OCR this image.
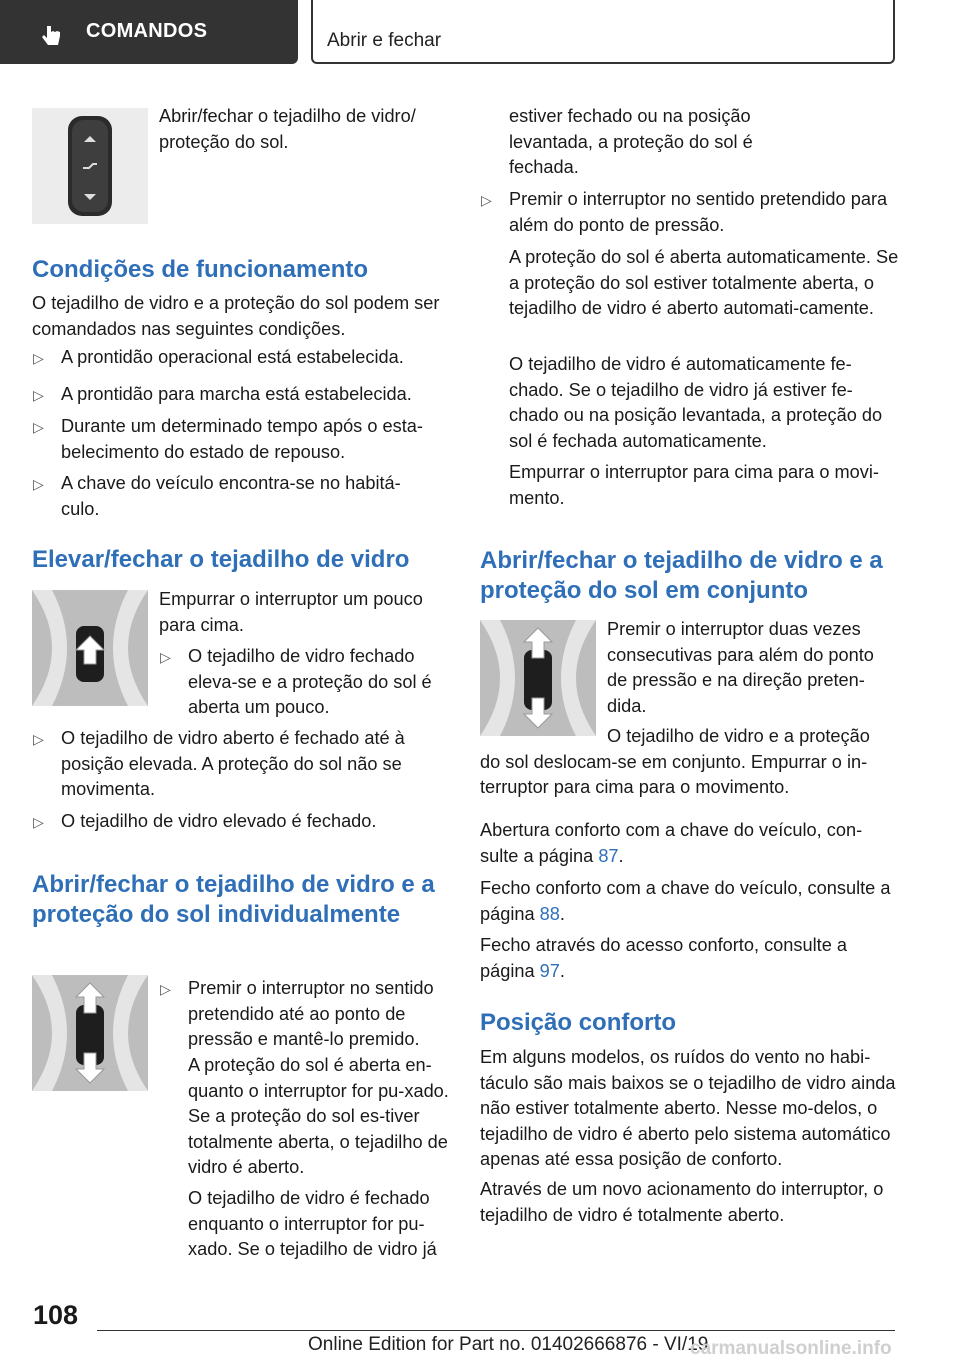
COMANDOS	Abrir e fechar

Abrir/fechar o tejadilho de vidro/ proteção do sol.

Condições de funcionamento

O tejadilho de vidro e a proteção do sol podem ser comandados nas seguintes condições.

▷ A prontidão operacional está estabelecida.

▷ A prontidão para marcha está estabelecida.

▷ Durante um determinado tempo após o esta-belecimento do estado de repouso.

▷ A chave do veículo encontra-se no habitá-culo.

Elevar/fechar o tejadilho de vidro

Empurrar o interruptor um pouco para cima.

▷ O tejadilho de vidro fechado eleva-se e a proteção do sol é aberta um pouco.

▷ O tejadilho de vidro aberto é fechado até à posição elevada. A proteção do sol não se movimenta.

▷ O tejadilho de vidro elevado é fechado.

Abrir/fechar o tejadilho de vidro e a proteção do sol individualmente
▷ Premir o interruptor no sentido pretendido até ao ponto de pressão e mantê-lo premido.

A proteção do sol é aberta en-quanto o interruptor for pu-xado. Se a proteção do sol es-tiver totalmente aberta, o tejadilho de vidro é aberto.

O tejadilho de vidro é fechado enquanto o interruptor for pu-xado. Se o tejadilho de vidro já

estiver fechado ou na posição levantada, a proteção do sol é fechada.

▷ Premir o interruptor no sentido pretendido para além do ponto de pressão.

A proteção do sol é aberta automaticamente. Se a proteção do sol estiver totalmente aberta, o tejadilho de vidro é aberto automati-camente.

O tejadilho de vidro é automaticamente fe-chado. Se o tejadilho de vidro já estiver fe-chado ou na posição levantada, a proteção do sol é fechada automaticamente.

Empurrar o interruptor para cima para o movi-mento.

Abrir/fechar o tejadilho de vidro e a proteção do sol em conjunto

Premir o interruptor duas vezes consecutivas para além do ponto de pressão e na direção preten-dida.

O tejadilho de vidro e a proteção do sol deslocam-se em conjunto. Empurrar o in-terruptor para cima para o movimento.

Abertura conforto com a chave do veículo, con-sulte a página 87.

Fecho conforto com a chave do veículo, consulte a página 88.

Fecho através do acesso conforto, consulte a página 97.

Posição conforto

Em alguns modelos, os ruídos do vento no habi-táculo são mais baixos se o tejadilho de vidro ainda não estiver totalmente aberto. Nesse mo-delos, o tejadilho de vidro é aberto pelo sistema automático apenas até essa posição de conforto.

Através de um novo acionamento do interruptor, o tejadilho de vidro é totalmente aberto.

108
Online Edition for Part no. 01402666876 - VI/19
carmanualsonline.info
